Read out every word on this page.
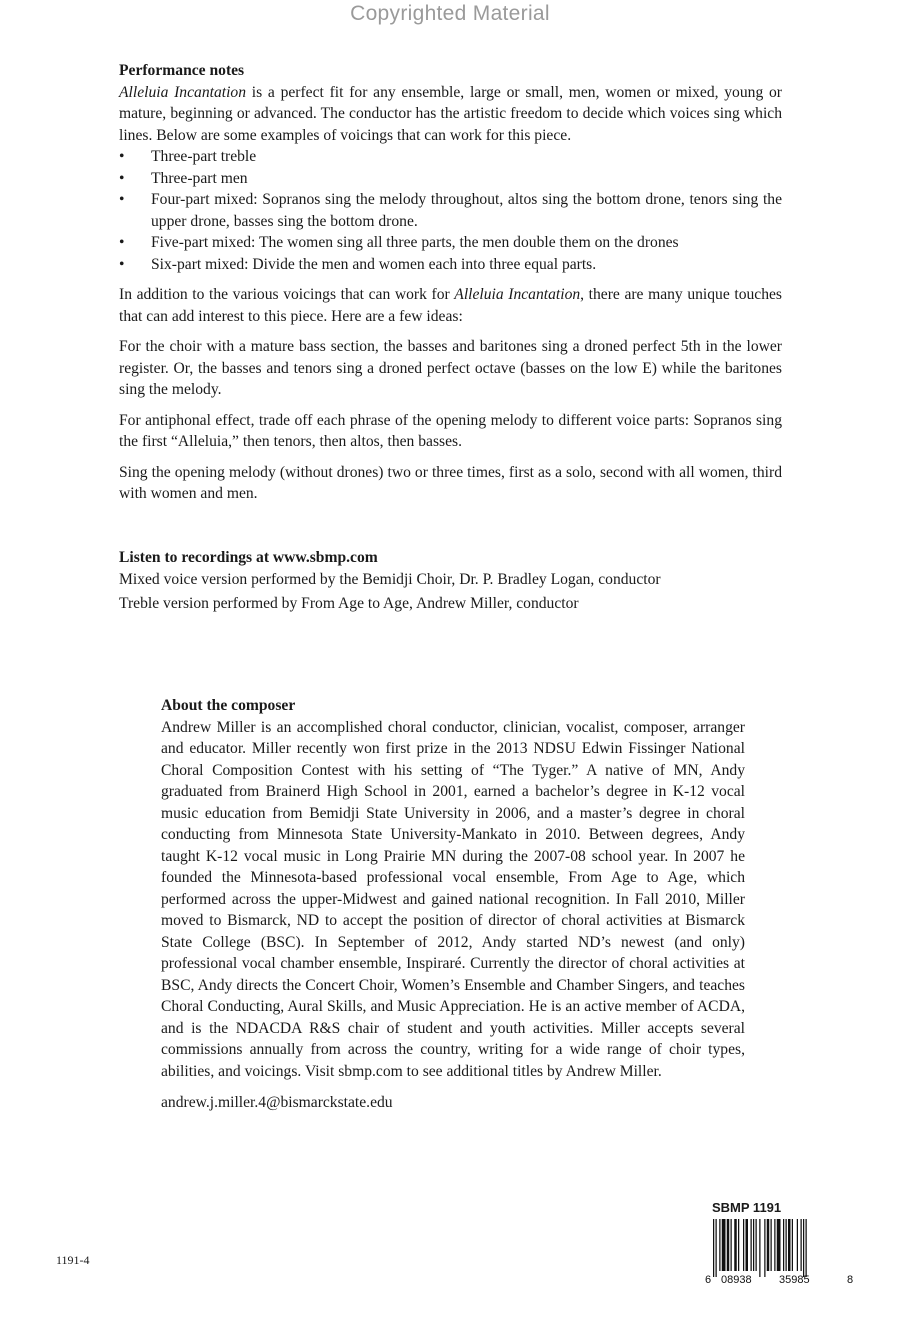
Copyrighted Material
Performance notes

Alleluia Incantation is a perfect fit for any ensemble, large or small, men, women or mixed, young or mature, beginning or advanced. The conductor has the artistic freedom to decide which voices sing which lines. Below are some examples of voicings that can work for this piece.

• Three-part treble
• Three-part men
• Four-part mixed: Sopranos sing the melody throughout, altos sing the bottom drone, tenors sing the upper drone, basses sing the bottom drone.
• Five-part mixed: The women sing all three parts, the men double them on the drones
• Six-part mixed: Divide the men and women each into three equal parts.

In addition to the various voicings that can work for Alleluia Incantation, there are many unique touches that can add interest to this piece. Here are a few ideas:

For the choir with a mature bass section, the basses and baritones sing a droned perfect 5th in the lower register. Or, the basses and tenors sing a droned perfect octave (basses on the low E) while the baritones sing the melody.

For antiphonal effect, trade off each phrase of the opening melody to different voice parts: Sopranos sing the first “Alleluia,” then tenors, then altos, then basses.

Sing the opening melody (without drones) two or three times, first as a solo, second with all women, third with women and men.

Listen to recordings at www.sbmp.com
Mixed voice version performed by the Bemidji Choir, Dr. P. Bradley Logan, conductor
Treble version performed by From Age to Age, Andrew Miller, conductor
About the composer

Andrew Miller is an accomplished choral conductor, clinician, vocalist, composer, arranger and educator. Miller recently won first prize in the 2013 NDSU Edwin Fissinger National Choral Composition Contest with his setting of “The Tyger.” A native of MN, Andy graduated from Brainerd High School in 2001, earned a bachelor’s degree in K-12 vocal music education from Bemidji State University in 2006, and a master’s degree in choral conducting from Minnesota State University-Mankato in 2010. Between degrees, Andy taught K-12 vocal music in Long Prairie MN during the 2007-08 school year. In 2007 he founded the Minnesota-based professional vocal ensemble, From Age to Age, which performed across the upper-Midwest and gained national recognition. In Fall 2010, Miller moved to Bismarck, ND to accept the position of director of choral activities at Bismarck State College (BSC). In September of 2012, Andy started ND’s newest (and only) professional vocal chamber ensemble, Inspiraré. Currently the director of choral activities at BSC, Andy directs the Concert Choir, Women’s Ensemble and Chamber Singers, and teaches Choral Conducting, Aural Skills, and Music Appreciation. He is an active member of ACDA, and is the NDACDA R&S chair of student and youth activities. Miller accepts several commissions annually from across the country, writing for a wide range of choir types, abilities, and voicings. Visit sbmp.com to see additional titles by Andrew Miller.

andrew.j.miller.4@bismarckstate.edu
1191-4
SBMP 1191
6 08938 35985	8
